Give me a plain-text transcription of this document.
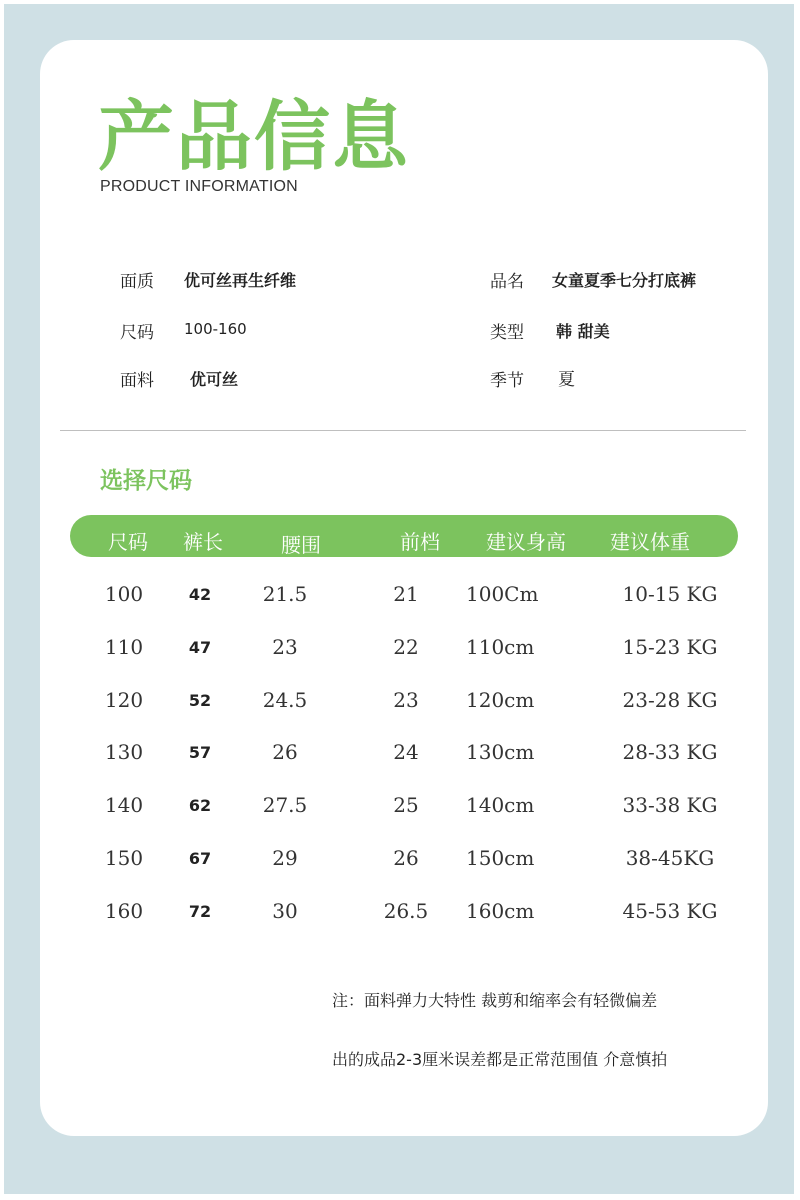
产品信息
PRODUCT INFORMATION
面质 优可丝再生纤维
尺码 100-160
面料 优可丝
品名 女童夏季七分打底裤
类型 韩 甜美
季节 夏
选择尺码
尺码 裤长	腰围	前档 建议身高 建议体重
100	42	21.5	21 100Cm	10-15 KG
110	47	23	22 110cm	15-23 KG
120	52	24.5	23 120cm	23-28 KG
130	57	26	24 130cm	28-33 KG
140	62	27.5	25 140cm	33-38 KG
150	67	29	26 150cm	38-45KG
160	72	30	26.5 160cm	45-53 KG
注：面料弹力大特性 裁剪和缩率会有轻微偏差
出的成品2-3厘米误差都是正常范围值 介意慎拍
